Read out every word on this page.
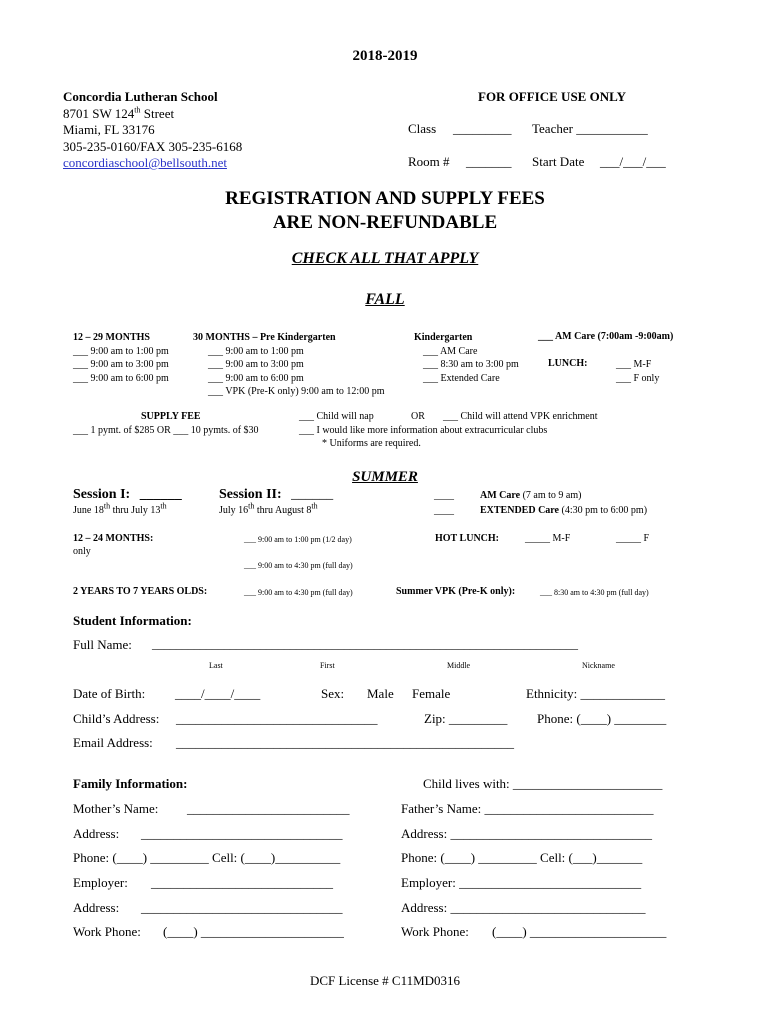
2018-2019
Concordia Lutheran School
8701 SW 124th Street
Miami, FL 33176
305-235-0160/FAX 305-235-6168
concordiaschool@bellsouth.net
FOR OFFICE USE ONLY
Class _________ Teacher ___________
Room # _______ Start Date ___/___/___
REGISTRATION AND SUPPLY FEES
ARE NON-REFUNDABLE
CHECK ALL THAT APPLY
FALL
12 – 29 MONTHS
___ 9:00 am to 1:00 pm
___ 9:00 am to 3:00 pm
___ 9:00 am to 6:00 pm
30 MONTHS – Pre Kindergarten
___ 9:00 am to 1:00 pm
___ 9:00 am to 3:00 pm
___ 9:00 am to 6:00 pm
___ VPK (Pre-K only) 9:00 am to 12:00 pm
Kindergarten
___ AM Care
___ 8:30 am to 3:00 pm
___ Extended Care
___ AM Care (7:00am -9:00am)
LUNCH:	___ M-F
___ F only
SUPPLY FEE
___ 1 pymt. of $285 OR ___ 10 pymts. of $30
___ Child will nap	OR ___ Child will attend VPK enrichment
___ I would like more information about extracurricular clubs
* Uniforms are required.
SUMMER
Session I: ______
June 18th thru July 13th
Session II: ______
July 16th thru August 8th
____	AM Care (7 am to 9 am)
____	EXTENDED Care (4:30 pm to 6:00 pm)
12 – 24 MONTHS:
only
___ 9:00 am to 1:00 pm (1/2 day)
___ 9:00 am to 4:30 pm (full day)
HOT LUNCH:	_____ M-F	_____ F
2 YEARS TO 7 YEARS OLDS:	___ 9:00 am to 4:30 pm (full day)	Summer VPK (Pre-K only):	___ 8:30 am to 4:30 pm (full day)
Student Information:
Full Name: _______________________________________________________________________
Last	First	Middle	Nickname
Date of Birth: ____/____/____	Sex: Male Female	Ethnicity: _____________
Child’s Address: _______________________________	Zip: _________ Phone: (____) ________
Email Address: ____________________________________________________
Family Information:	Child lives with: _______________________
Mother’s Name: _________________________	Father’s Name: __________________________
Address: _______________________________	Address: _______________________________
Phone: (____) _________ Cell: (____)__________	Phone: (____) _________ Cell: (___)_______
Employer: ____________________________	Employer: ____________________________
Address: _______________________________	Address: ______________________________
Work Phone: (____) ______________________	Work Phone: (____) _____________________
DCF License # C11MD0316
